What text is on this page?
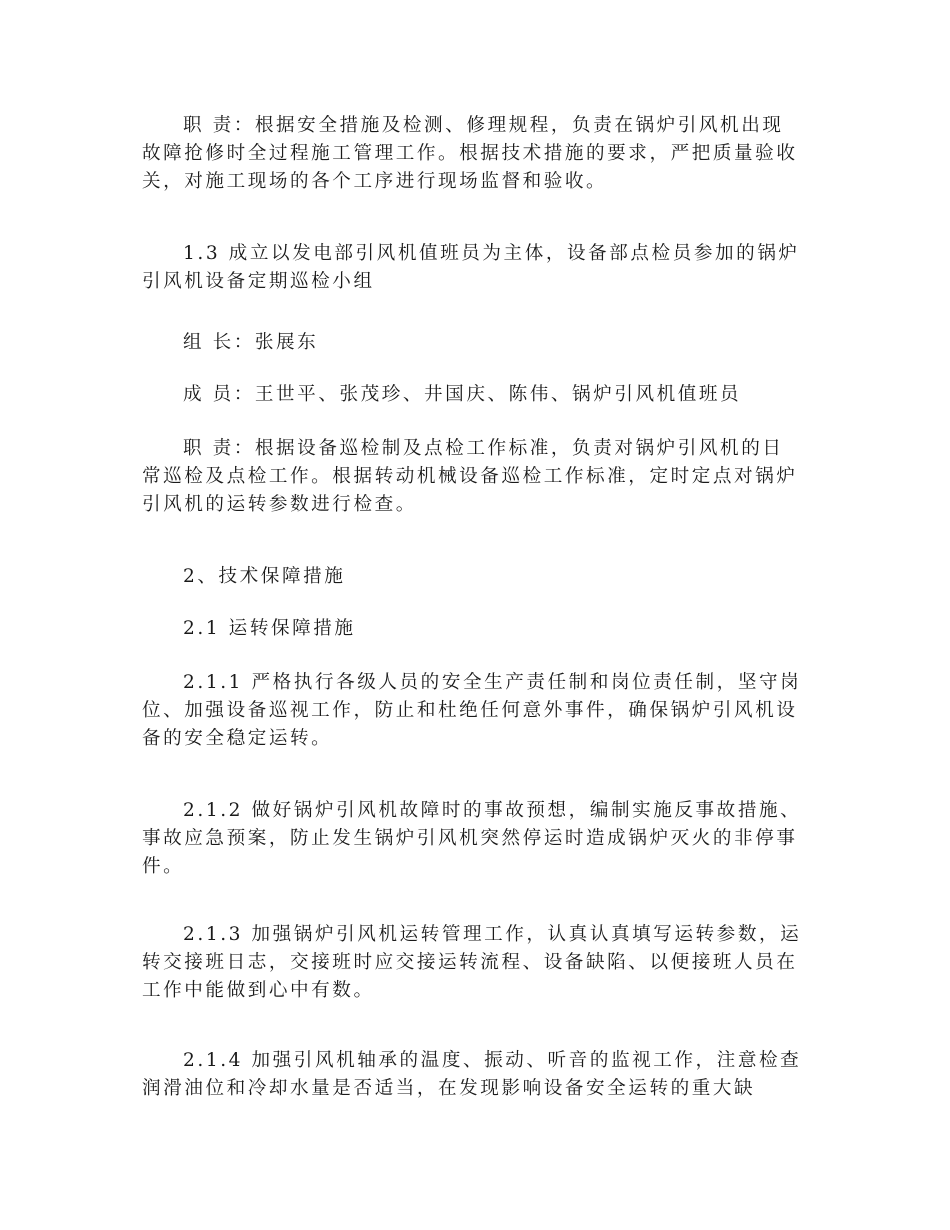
职 责：根据安全措施及检测、修理规程，负责在锅炉引风机出现故障抢修时全过程施工管理工作。根据技术措施的要求，严把质量验收关，对施工现场的各个工序进行现场监督和验收。

1.3 成立以发电部引风机值班员为主体，设备部点检员参加的锅炉引风机设备定期巡检小组

组 长：张展东

成 员：王世平、张茂珍、井国庆、陈伟、锅炉引风机值班员

职 责：根据设备巡检制及点检工作标准，负责对锅炉引风机的日常巡检及点检工作。根据转动机械设备巡检工作标准，定时定点对锅炉引风机的运转参数进行检查。

2、技术保障措施

2.1 运转保障措施

2.1.1 严格执行各级人员的安全生产责任制和岗位责任制，坚守岗位、加强设备巡视工作，防止和杜绝任何意外事件，确保锅炉引风机设备的安全稳定运转。

2.1.2 做好锅炉引风机故障时的事故预想，编制实施反事故措施、事故应急预案，防止发生锅炉引风机突然停运时造成锅炉灭火的非停事件。

2.1.3 加强锅炉引风机运转管理工作，认真认真填写运转参数，运转交接班日志，交接班时应交接运转流程、设备缺陷、以便接班人员在工作中能做到心中有数。

2.1.4 加强引风机轴承的温度、振动、听音的监视工作，注意检查润滑油位和冷却水量是否适当，在发现影响设备安全运转的重大缺
